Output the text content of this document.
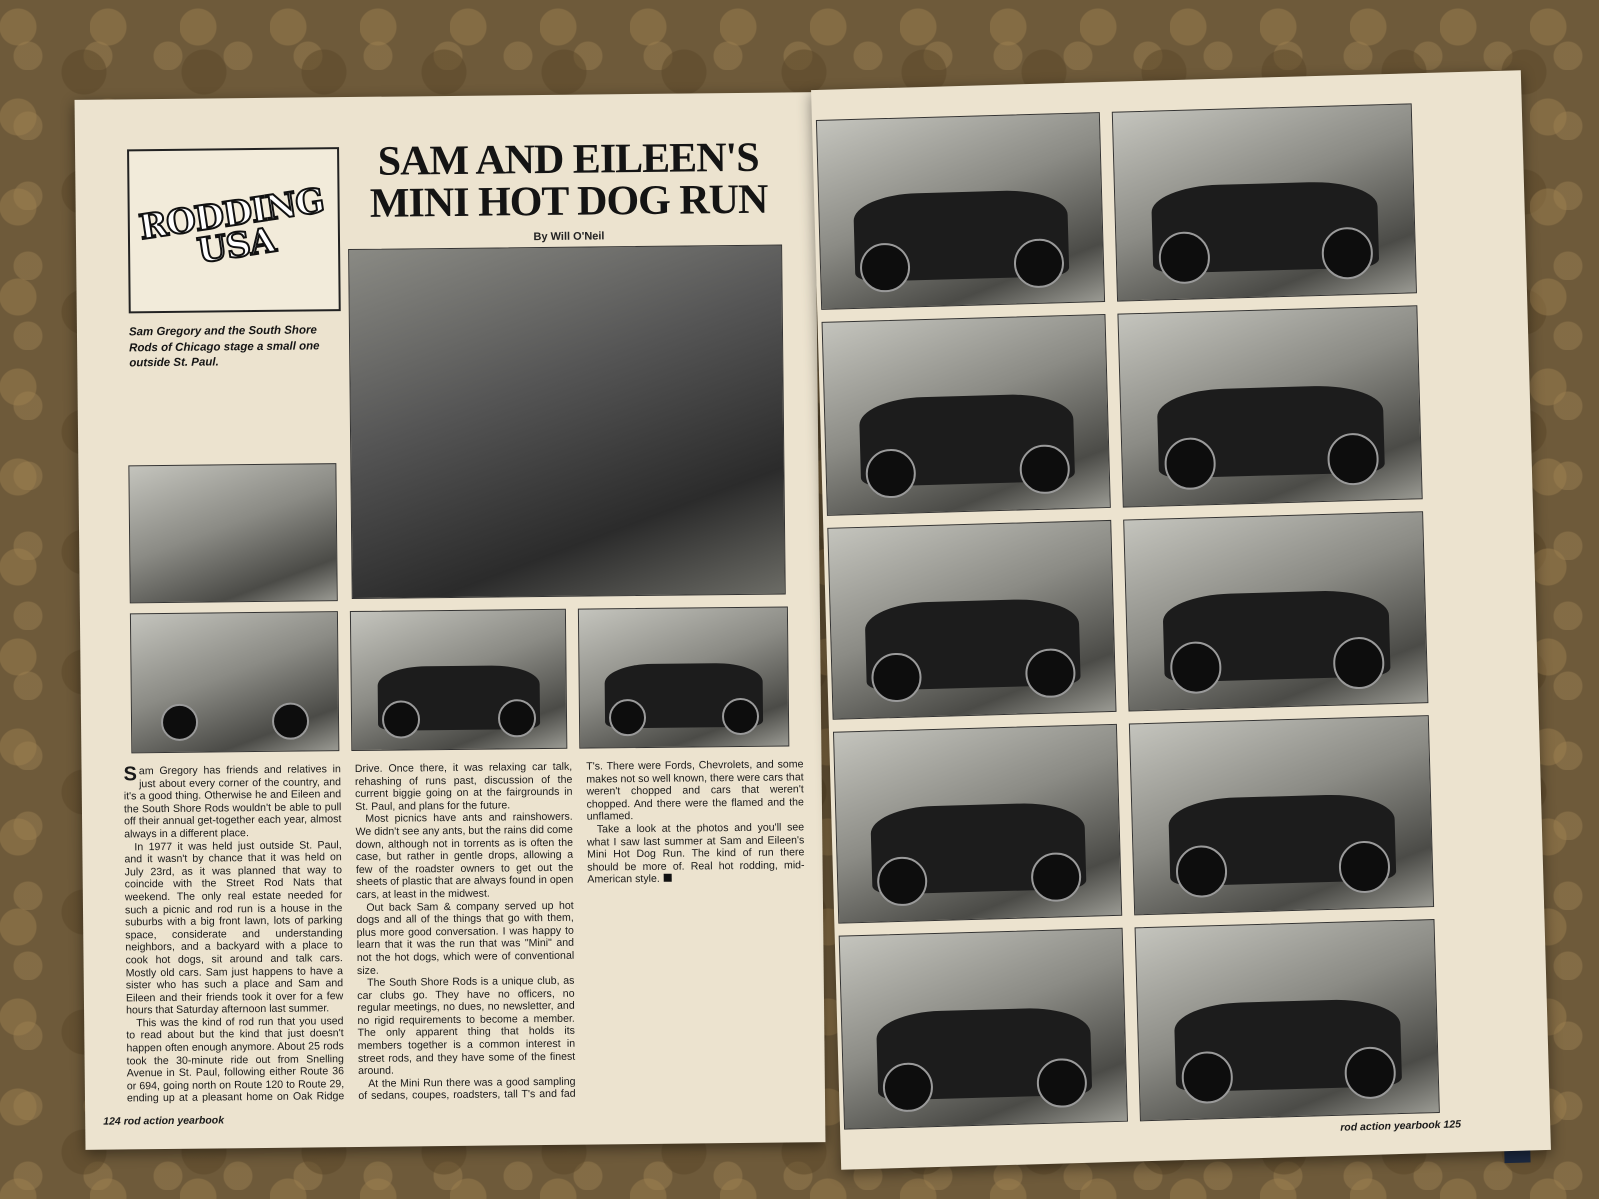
RODDING USA
SAM AND EILEEN'S
MINI HOT DOG RUN
By Will O'Neil
Sam Gregory and the South Shore Rods of Chicago stage a small one outside St. Paul.

Sam Gregory has friends and relatives in just about every corner of the country, and it's a good thing. Otherwise he and Eileen and the South Shore Rods wouldn't be able to pull off their annual get-together each year, almost always in a different place.

In 1977 it was held just outside St. Paul, and it wasn't by chance that it was held on July 23rd, as it was planned that way to coincide with the Street Rod Nats that weekend. The only real estate needed for such a picnic and rod run is a house in the suburbs with a big front lawn, lots of parking space, considerate and understanding neighbors, and a backyard with a place to cook hot dogs, sit around and talk cars. Mostly old cars. Sam just happens to have a sister who has such a place and Sam and Eileen and their friends took it over for a few hours that Saturday afternoon last summer.

This was the kind of rod run that you used to read about but the kind that just doesn't happen often enough anymore. About 25 rods took the 30-minute ride out from Snelling Avenue in St. Paul, following either Route 36 or 694, going north on Route 120 to Route 29, ending up at a pleasant home on Oak Ridge Drive. Once there, it was relaxing car talk, rehashing of runs past, discussion of the current biggie going on at the fairgrounds in St. Paul, and plans for the future.

Most picnics have ants and rainshowers. We didn't see any ants, but the rains did come down, although not in torrents as is often the case, but rather in gentle drops, allowing a few of the roadster owners to get out the sheets of plastic that are always found in open cars, at least in the midwest.

Out back Sam & company served up hot dogs and all of the things that go with them, plus more good conversation. I was happy to learn that it was the run that was "Mini" and not the hot dogs, which were of conventional size.

The South Shore Rods is a unique club, as car clubs go. They have no officers, no regular meetings, no dues, no newsletter, and no rigid requirements to become a member. The only apparent thing that holds its members together is a common interest in street rods, and they have some of the finest around.

At the Mini Run there was a good sampling of sedans, coupes, roadsters, tall T's and fad T's. There were Fords, Chevrolets, and some makes not so well known, there were cars that weren't chopped and cars that weren't chopped. And there were the flamed and the unflamed.

Take a look at the photos and you'll see what I saw last summer at Sam and Eileen's Mini Hot Dog Run. The kind of run there should be more of. Real hot rodding, mid-American style.

124 rod action yearbook	rod action yearbook 125
